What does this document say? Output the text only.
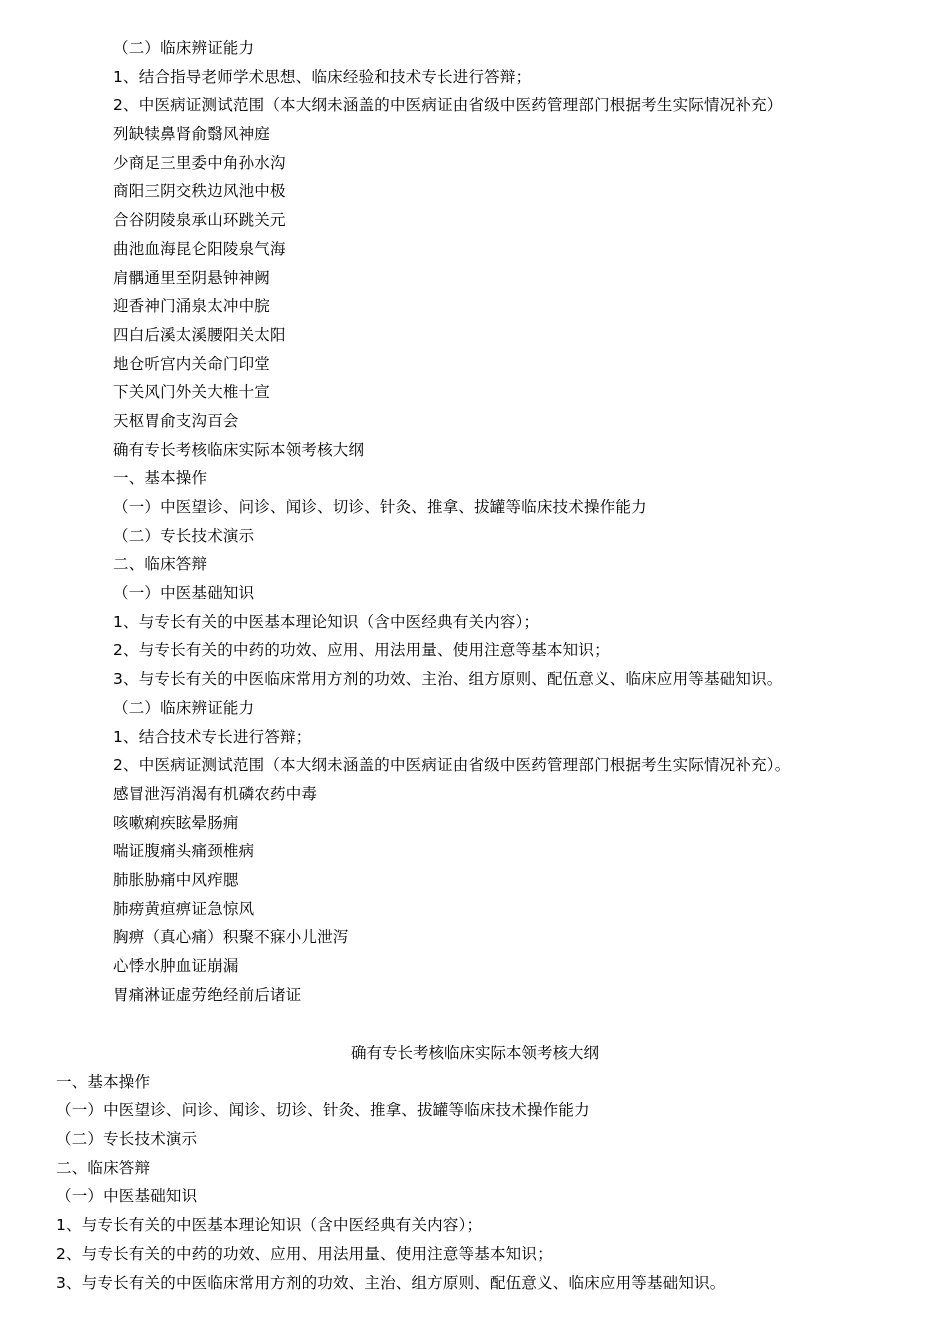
（二）临床辨证能力
1、结合指导老师学术思想、临床经验和技术专长进行答辩；
2、中医病证测试范围（本大纲未涵盖的中医病证由省级中医药管理部门根据考生实际情况补充）
列缺犊鼻肾俞翳风神庭
少商足三里委中角孙水沟
商阳三阴交秩边风池中极
合谷阴陵泉承山环跳关元
曲池血海昆仑阳陵泉气海
肩髃通里至阴悬钟神阙
迎香神门涌泉太冲中脘
四白后溪太溪腰阳关太阳
地仓听宫内关命门印堂
下关风门外关大椎十宣
天枢胃俞支沟百会
确有专长考核临床实际本领考核大纲
一、基本操作
（一）中医望诊、问诊、闻诊、切诊、针灸、推拿、拔罐等临床技术操作能力
（二）专长技术演示
二、临床答辩
（一）中医基础知识
1、与专长有关的中医基本理论知识（含中医经典有关内容）；
2、与专长有关的中药的功效、应用、用法用量、使用注意等基本知识；
3、与专长有关的中医临床常用方剂的功效、主治、组方原则、配伍意义、临床应用等基础知识。
（二）临床辨证能力
1、结合技术专长进行答辩；
2、中医病证测试范围（本大纲未涵盖的中医病证由省级中医药管理部门根据考生实际情况补充）。
感冒泄泻消渴有机磷农药中毒
咳嗽痢疾眩晕肠痈
喘证腹痛头痛颈椎病
肺胀胁痛中风痄腮
肺痨黄疸痹证急惊风
胸痹（真心痛）积聚不寐小儿泄泻
心悸水肿血证崩漏
胃痛淋证虚劳绝经前后诸证
确有专长考核临床实际本领考核大纲
一、基本操作
（一）中医望诊、问诊、闻诊、切诊、针灸、推拿、拔罐等临床技术操作能力
（二）专长技术演示
二、临床答辩
（一）中医基础知识
1、与专长有关的中医基本理论知识（含中医经典有关内容）；
2、与专长有关的中药的功效、应用、用法用量、使用注意等基本知识；
3、与专长有关的中医临床常用方剂的功效、主治、组方原则、配伍意义、临床应用等基础知识。
